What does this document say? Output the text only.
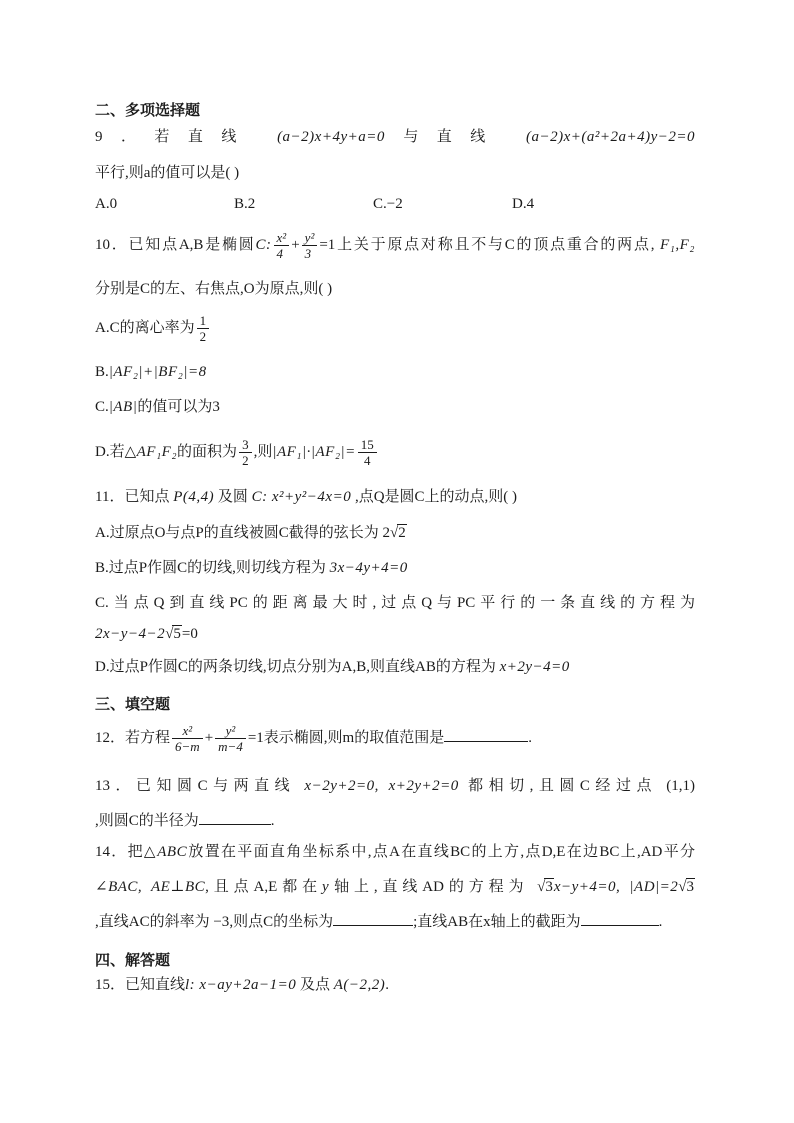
二、多项选择题
9．若直线 (a−2)x+4y+a=0与直线 (a−2)x+(a²+2a+4)y−2=0
平行,则a的值可以是( )
A.0	B.2	C.−2	D.4
10．已知点A,B是椭圆C: $\frac{\text{x²}}{4} + \frac{\text{y²}}{3} =1$上关于原点对称且不与C的顶点重合的两点, F₁,F₂
分别是C的左、右焦点,O为原点,则( )
A.C的离心率为 $\frac{1}{2}$
B.|AF₂|+|BF₂|=8
C.|AB|的值可以为3
D.若△AF₁F₂的面积为 $\frac{3}{2}$ ,则$|AF_1|\cdot|AF_2|= \frac{15}{4}$
11．已知点 P(4,4) 及圆 C: x²+y²−4x=0 ,点Q是圆C上的动点,则( )
A.过原点O与点P的直线被圆C截得的弦长为 2√2
B.过点P作圆C的切线,则切线方程为 3x−4y+4=0
C.当点Q到直线PC的距离最大时,过点Q与PC平行的一条直线的方程为
2x−y−4−2√5=0
D.过点P作圆C的两条切线,切点分别为A,B,则直线AB的方程为 x+2y−4=0
三、填空题
12．若方程 $\frac{\text{x²}}{6-m} + \frac{\text{y²}}{m-4} =1$表示椭圆,则m的取值范围是	.
13．已知圆C与两直线 x−2y+2=0, x+2y+2=0 都相切,且圆C经过点 (1,1)
,则圆C的半径为	.
14．把△ABC放置在平面直角坐标系中,点A在直线BC的上方,点D,E在边BC上,AD平分
∠BAC, AE⊥BC,且点A,E都在y轴上,直线AD的方程为 √3x−y+4=0, |AD|=2√3
,直线AC的斜率为 −3,则点C的坐标为	;直线AB在x轴上的截距为	.
四、解答题
15．已知直线l: x−ay+2a−1=0 及点 A(−2,2).
